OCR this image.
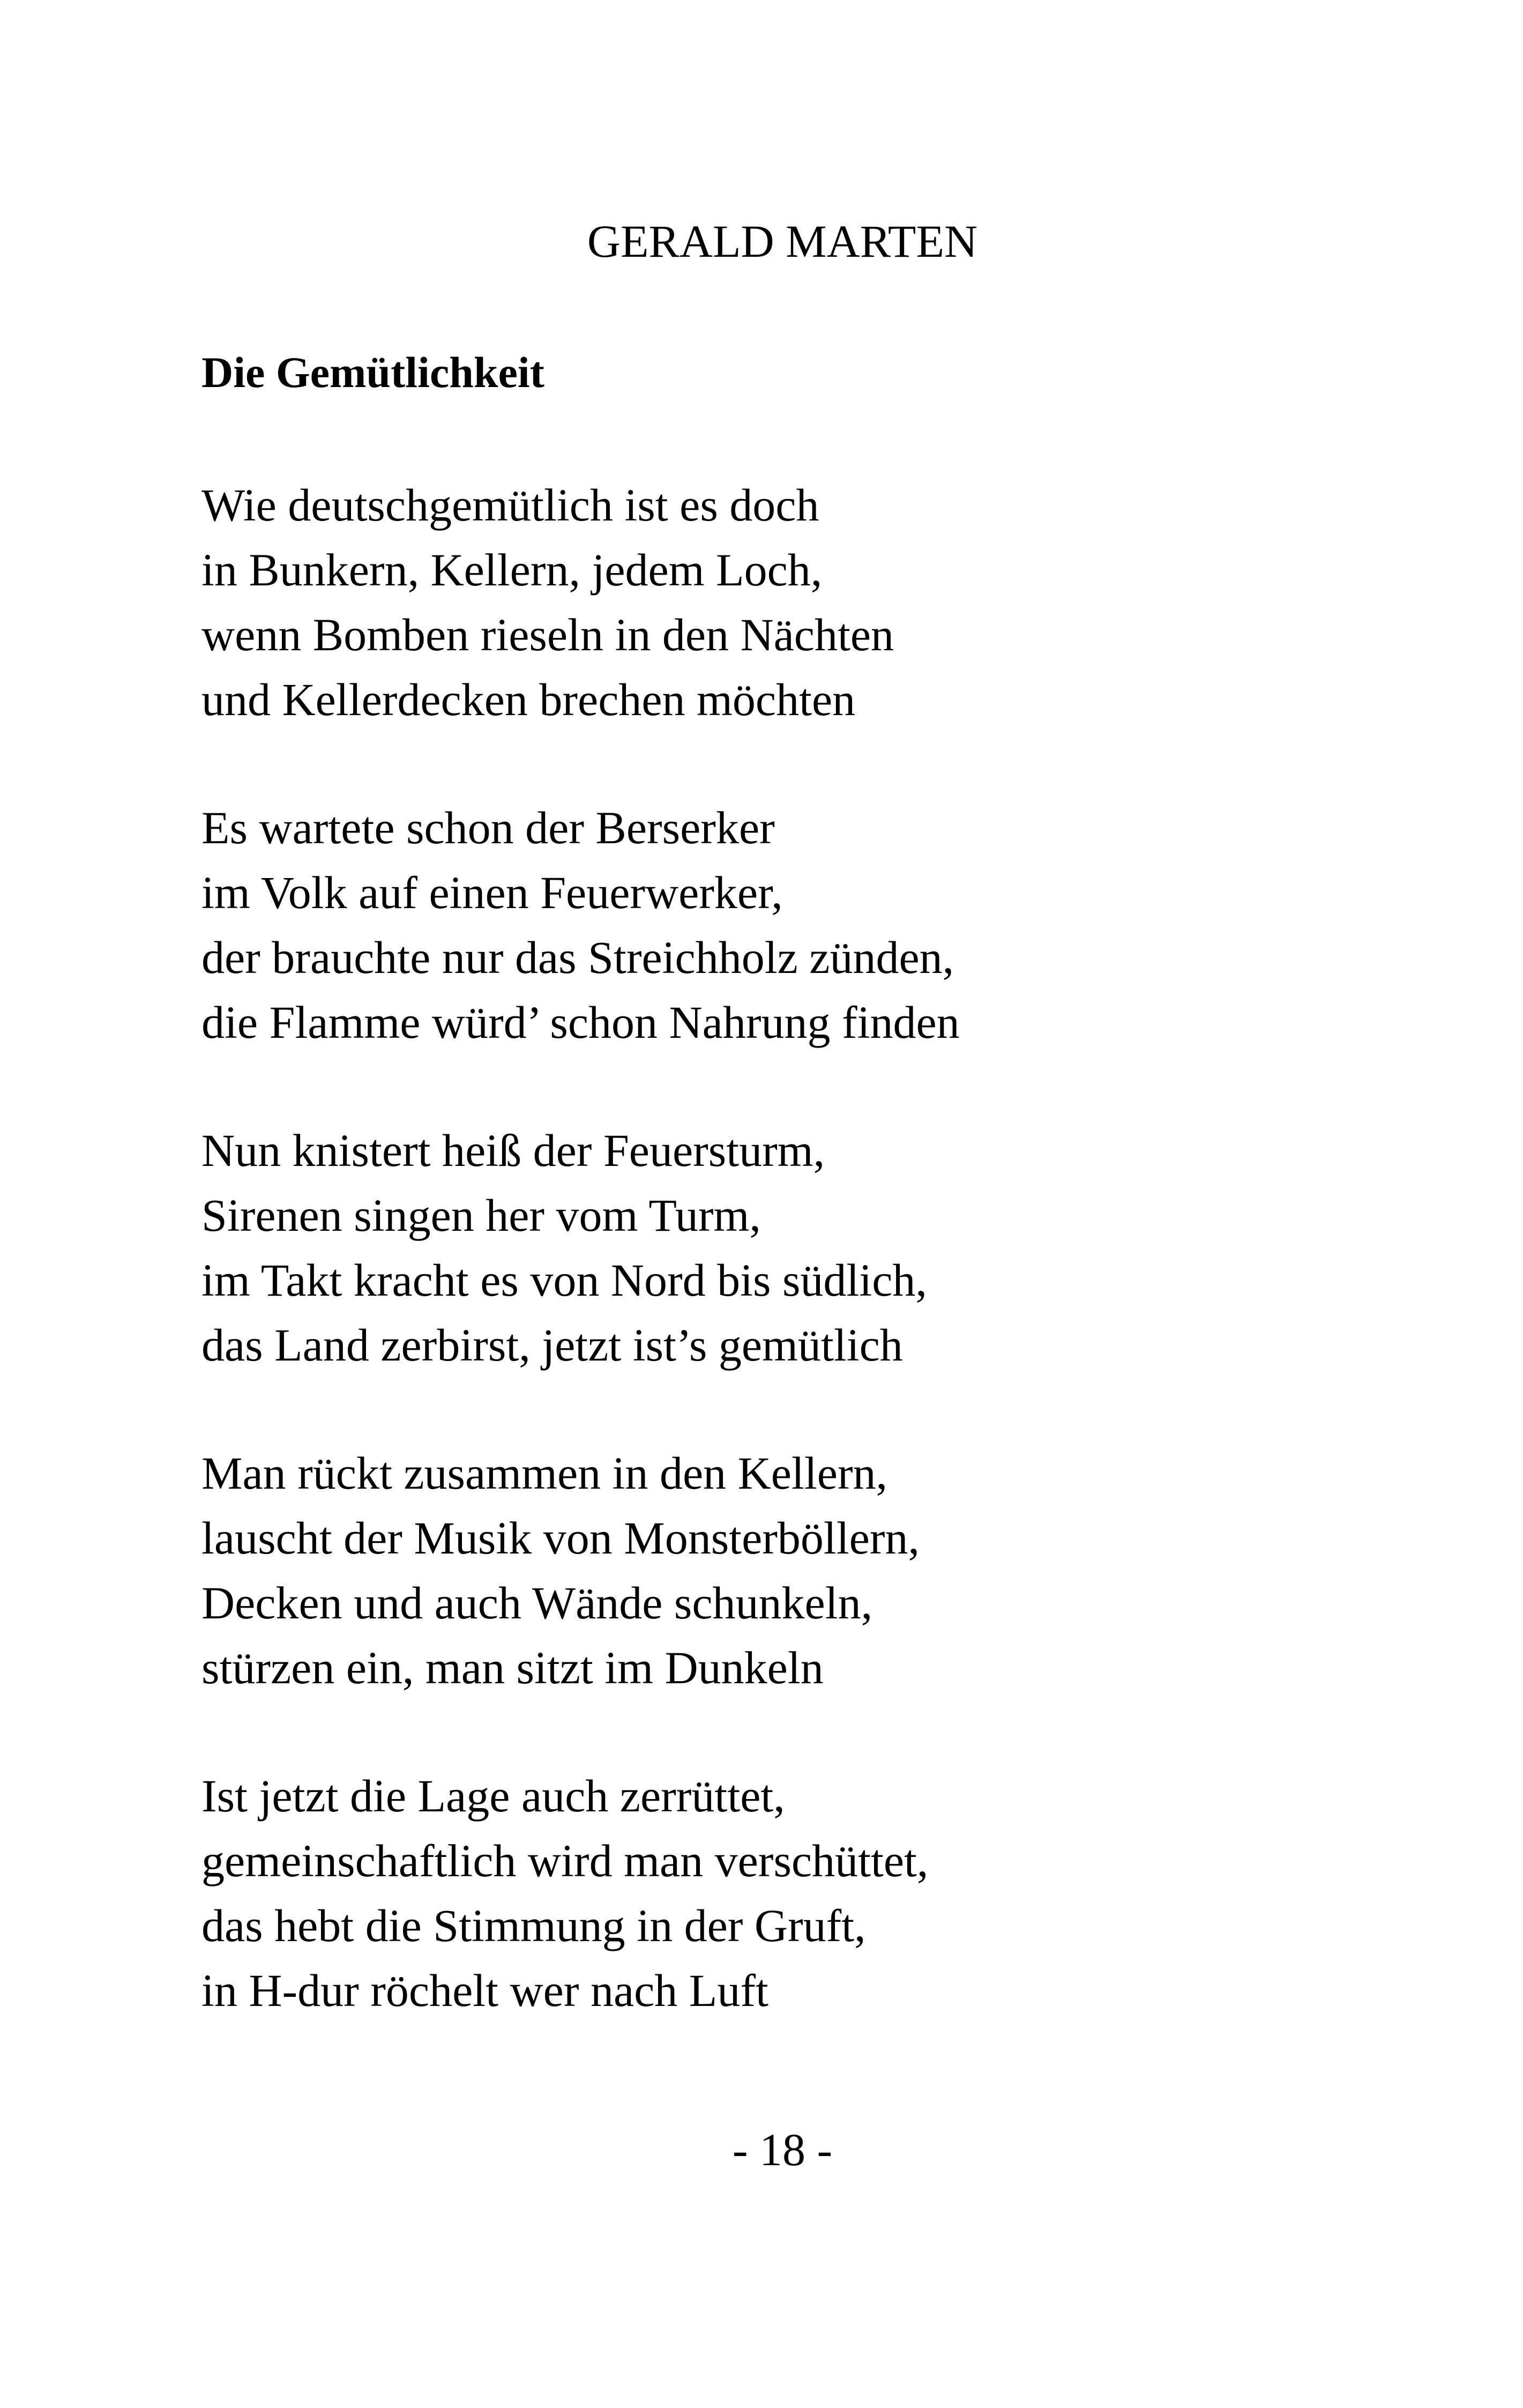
GERALD MARTEN
Die Gemütlichkeit
Wie deutschgemütlich ist es doch
in Bunkern, Kellern, jedem Loch,
wenn Bomben rieseln in den Nächten
und Kellerdecken brechen möchten
Es wartete schon der Berserker
im Volk auf einen Feuerwerker,
der brauchte nur das Streichholz zünden,
die Flamme würd’ schon Nahrung finden
Nun knistert heiß der Feuersturm,
Sirenen singen her vom Turm,
im Takt kracht es von Nord bis südlich,
das Land zerbirst, jetzt ist’s gemütlich
Man rückt zusammen in den Kellern,
lauscht der Musik von Monsterböllern,
Decken und auch Wände schunkeln,
stürzen ein, man sitzt im Dunkeln
Ist jetzt die Lage auch zerrüttet,
gemeinschaftlich wird man verschüttet,
das hebt die Stimmung in der Gruft,
in H-dur röchelt wer nach Luft
- 18 -
